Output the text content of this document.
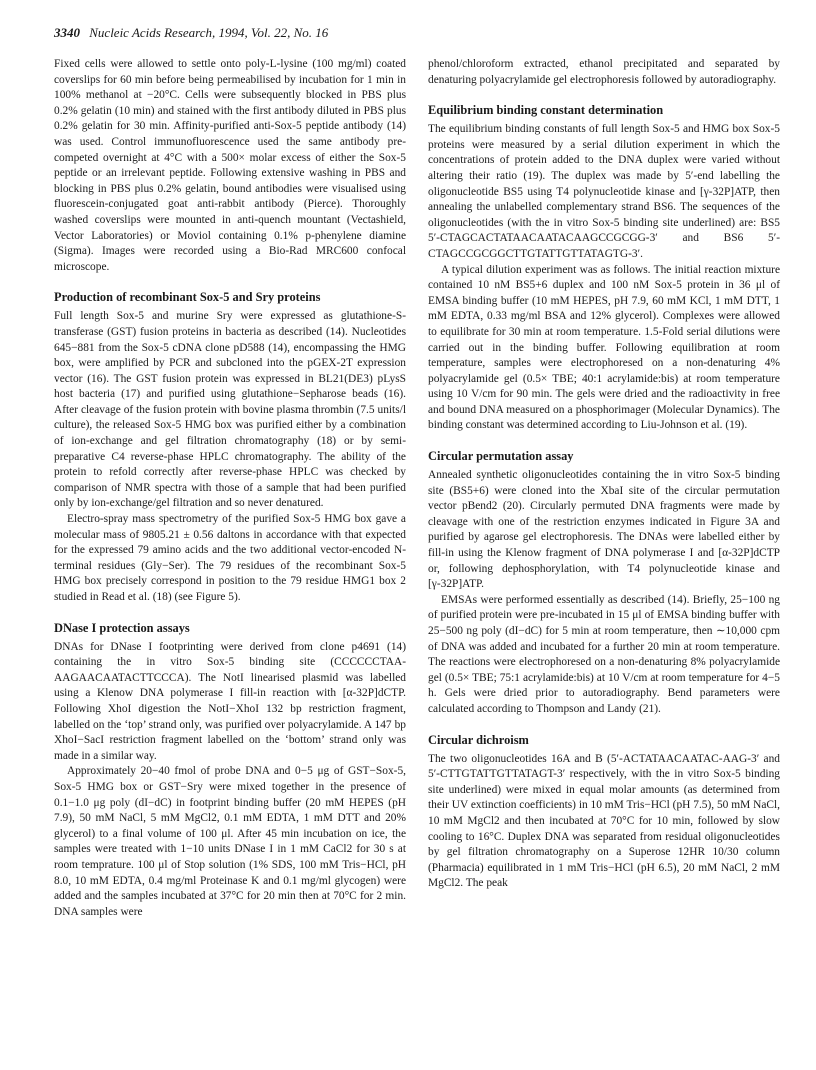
3340 Nucleic Acids Research, 1994, Vol. 22, No. 16

Fixed cells were allowed to settle onto poly-L-lysine (100 mg/ml) coated coverslips for 60 min before being permeabilised by incubation for 1 min in 100% methanol at −20°C. Cells were subsequently blocked in PBS plus 0.2% gelatin (10 min) and stained with the first antibody diluted in PBS plus 0.2% gelatin for 30 min. Affinity-purified anti-Sox-5 peptide antibody (14) was used. Control immunofluorescence used the same antibody pre-competed overnight at 4°C with a 500× molar excess of either the Sox-5 peptide or an irrelevant peptide. Following extensive washing in PBS and blocking in PBS plus 0.2% gelatin, bound antibodies were visualised using fluorescein-conjugated goat anti-rabbit antibody (Pierce). Thoroughly washed coverslips were mounted in anti-quench mountant (Vectashield, Vector Laboratories) or Moviol containing 0.1% p-phenylene diamine (Sigma). Images were recorded using a Bio-Rad MRC600 confocal microscope.

Production of recombinant Sox-5 and Sry proteins

Full length Sox-5 and murine Sry were expressed as glutathione-S-transferase (GST) fusion proteins in bacteria as described (14). Nucleotides 645−881 from the Sox-5 cDNA clone pD588 (14), encompassing the HMG box, were amplified by PCR and subcloned into the pGEX-2T expression vector (16). The GST fusion protein was expressed in BL21(DE3) pLysS host bacteria (17) and purified using glutathione−Sepharose beads (16). After cleavage of the fusion protein with bovine plasma thrombin (7.5 units/l culture), the released Sox-5 HMG box was purified either by a combination of ion-exchange and gel filtration chromatography (18) or by semi-preparative C4 reverse-phase HPLC chromatography. The ability of the protein to refold correctly after reverse-phase HPLC was checked by comparison of NMR spectra with those of a sample that had been purified only by ion-exchange/gel filtration and so never denatured.

Electro-spray mass spectrometry of the purified Sox-5 HMG box gave a molecular mass of 9805.21 ± 0.56 daltons in accordance with that expected for the expressed 79 amino acids and the two additional vector-encoded N-terminal residues (Gly−Ser). The 79 residues of the recombinant Sox-5 HMG box precisely correspond in position to the 79 residue HMG1 box 2 studied in Read et al. (18) (see Figure 5).

DNase I protection assays

DNAs for DNase I footprinting were derived from clone p4691 (14) containing the in vitro Sox-5 binding site (CCCCCCTAA-AAGAACAATACTTCCCA). The NotI linearised plasmid was labelled using a Klenow DNA polymerase I fill-in reaction with [α-32P]dCTP. Following XhoI digestion the NotI−XhoI 132 bp restriction fragment, labelled on the ‘top’ strand only, was purified over polyacrylamide. A 147 bp XhoI−SacI restriction fragment labelled on the ‘bottom’ strand only was made in a similar way.

Approximately 20−40 fmol of probe DNA and 0−5 μg of GST−Sox-5, Sox-5 HMG box or GST−Sry were mixed together in the presence of 0.1−1.0 μg poly (dI−dC) in footprint binding buffer (20 mM HEPES (pH 7.9), 50 mM NaCl, 5 mM MgCl2, 0.1 mM EDTA, 1 mM DTT and 20% glycerol) to a final volume of 100 μl. After 45 min incubation on ice, the samples were treated with 1−10 units DNase I in 1 mM CaCl2 for 30 s at room temprature. 100 μl of Stop solution (1% SDS, 100 mM Tris−HCl, pH 8.0, 10 mM EDTA, 0.4 mg/ml Proteinase K and 0.1 mg/ml glycogen) were added and the samples incubated at 37°C for 20 min then at 70°C for 2 min. DNA samples were

phenol/chloroform extracted, ethanol precipitated and separated by denaturing polyacrylamide gel electrophoresis followed by autoradiography.

Equilibrium binding constant determination

The equilibrium binding constants of full length Sox-5 and HMG box Sox-5 proteins were measured by a serial dilution experiment in which the concentrations of protein added to the DNA duplex were varied without altering their ratio (19). The duplex was made by 5′-end labelling the oligonucleotide BS5 using T4 polynucleotide kinase and [γ-32P]ATP, then annealing the unlabelled complementary strand BS6. The sequences of the oligonucleotides (with the in vitro Sox-5 binding site underlined) are: BS5 5′-CTAGCACTATAACAATACAAGCCGCGG-3′ and BS6 5′-CTAGCCGCGGCTTGTATTGTTATAGTG-3′.

A typical dilution experiment was as follows. The initial reaction mixture contained 10 nM BS5+6 duplex and 100 nM Sox-5 protein in 36 μl of EMSA binding buffer (10 mM HEPES, pH 7.9, 60 mM KCl, 1 mM DTT, 1 mM EDTA, 0.33 mg/ml BSA and 12% glycerol). Complexes were allowed to equilibrate for 30 min at room temperature. 1.5-Fold serial dilutions were carried out in the binding buffer. Following equilibration at room temperature, samples were electrophoresed on a non-denaturing 4% polyacrylamide gel (0.5× TBE; 40:1 acrylamide:bis) at room temperature using 10 V/cm for 90 min. The gels were dried and the radioactivity in free and bound DNA measured on a phosphorimager (Molecular Dynamics). The binding constant was determined according to Liu-Johnson et al. (19).

Circular permutation assay

Annealed synthetic oligonucleotides containing the in vitro Sox-5 binding site (BS5+6) were cloned into the XbaI site of the circular permutation vector pBend2 (20). Circularly permuted DNA fragments were made by cleavage with one of the restriction enzymes indicated in Figure 3A and purified by agarose gel electrophoresis. The DNAs were labelled either by fill-in using the Klenow fragment of DNA polymerase I and [α-32P]dCTP or, following dephosphorylation, with T4 polynucleotide kinase and [γ-32P]ATP.

EMSAs were performed essentially as described (14). Briefly, 25−100 ng of purified protein were pre-incubated in 15 μl of EMSA binding buffer with 25−500 ng poly (dI−dC) for 5 min at room temperature, then ∼10,000 cpm of DNA was added and incubated for a further 20 min at room temperature. The reactions were electrophoresed on a non-denaturing 8% polyacrylamide gel (0.5× TBE; 75:1 acrylamide:bis) at 10 V/cm at room temperature for 4−5 h. Gels were dried prior to autoradiography. Bend parameters were calculated according to Thompson and Landy (21).

Circular dichroism

The two oligonucleotides 16A and B (5′-ACTATAACAATAC-AAG-3′ and 5′-CTTGTATTGTTATAGT-3′ respectively, with the in vitro Sox-5 binding site underlined) were mixed in equal molar amounts (as determined from their UV extinction coefficients) in 10 mM Tris−HCl (pH 7.5), 50 mM NaCl, 10 mM MgCl2 and then incubated at 70°C for 10 min, followed by slow cooling to 16°C. Duplex DNA was separated from residual oligonucleotides by gel filtration chromatography on a Superose 12HR 10/30 column (Pharmacia) equilibrated in 1 mM Tris−HCl (pH 6.5), 20 mM NaCl, 2 mM MgCl2. The peak
